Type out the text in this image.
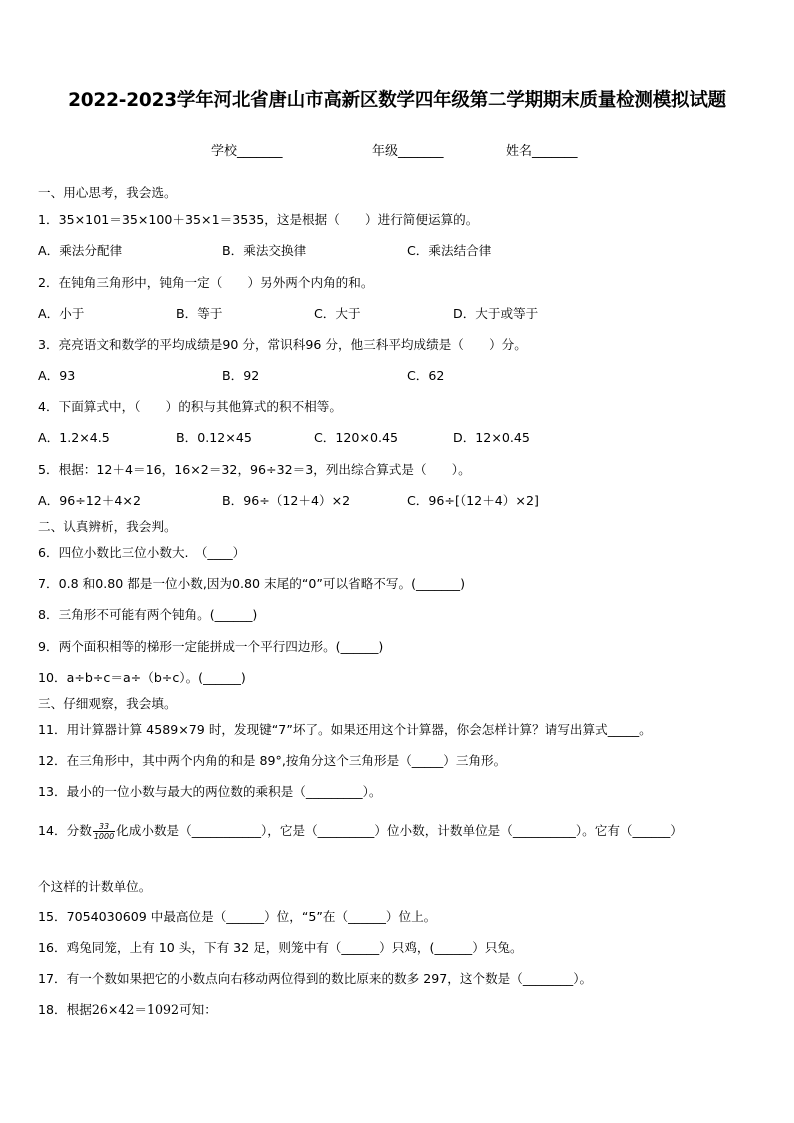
2022-2023学年河北省唐山市高新区数学四年级第二学期期末质量检测模拟试题
学校_______	年级_______	姓名_______
一、用心思考，我会选。
1．35×101＝35×100＋35×1＝3535，这是根据（　　）进行简便运算的。
A．乘法分配律	B．乘法交换律	C．乘法结合律
2．在钝角三角形中，钝角一定（　　）另外两个内角的和。
A．小于	B．等于	C．大于	D．大于或等于
3．亮亮语文和数学的平均成绩是90 分，常识科96 分，他三科平均成绩是（　　）分。
A．93	B．92	C．62
4．下面算式中，（　　）的积与其他算式的积不相等。
A．1.2×4.5	B．0.12×45	C．120×0.45	D．12×0.45
5．根据：12＋4＝16，16×2＝32，96÷32＝3，列出综合算式是（　　）。
A．96÷12＋4×2	B．96÷（12＋4）×2	C．96÷[（12＋4）×2]
二、认真辨析，我会判。
6．四位小数比三位小数大.　（____）
7．0.8 和0.80 都是一位小数,因为0.80 末尾的“0”可以省略不写。(_______)
8．三角形不可能有两个钝角。(______)
9．两个面积相等的梯形一定能拼成一个平行四边形。(______)
10．a÷b÷c＝a÷（b÷c）。(______)
三、仔细观察，我会填。
11．用计算器计算 4589×79 时，发现键“7”坏了。如果还用这个计算器，你会怎样计算？请写出算式_____。
12．在三角形中，其中两个内角的和是 89°,按角分这个三角形是（_____）三角形。
13．最小的一位小数与最大的两位数的乘积是（_________）。
14．分数 $\frac{33}{1000}$ 化成小数是（___________），它是（_________）位小数，计数单位是（__________）。它有（______）
个这样的计数单位。
15．7054030609 中最高位是（______）位，“5”在（______）位上。
16．鸡兔同笼，上有 10 头，下有 32 足，则笼中有（______）只鸡，(______）只兔。
17．有一个数如果把它的小数点向右移动两位得到的数比原来的数多 297，这个数是（________）。
18．根据26×42＝1092可知：
